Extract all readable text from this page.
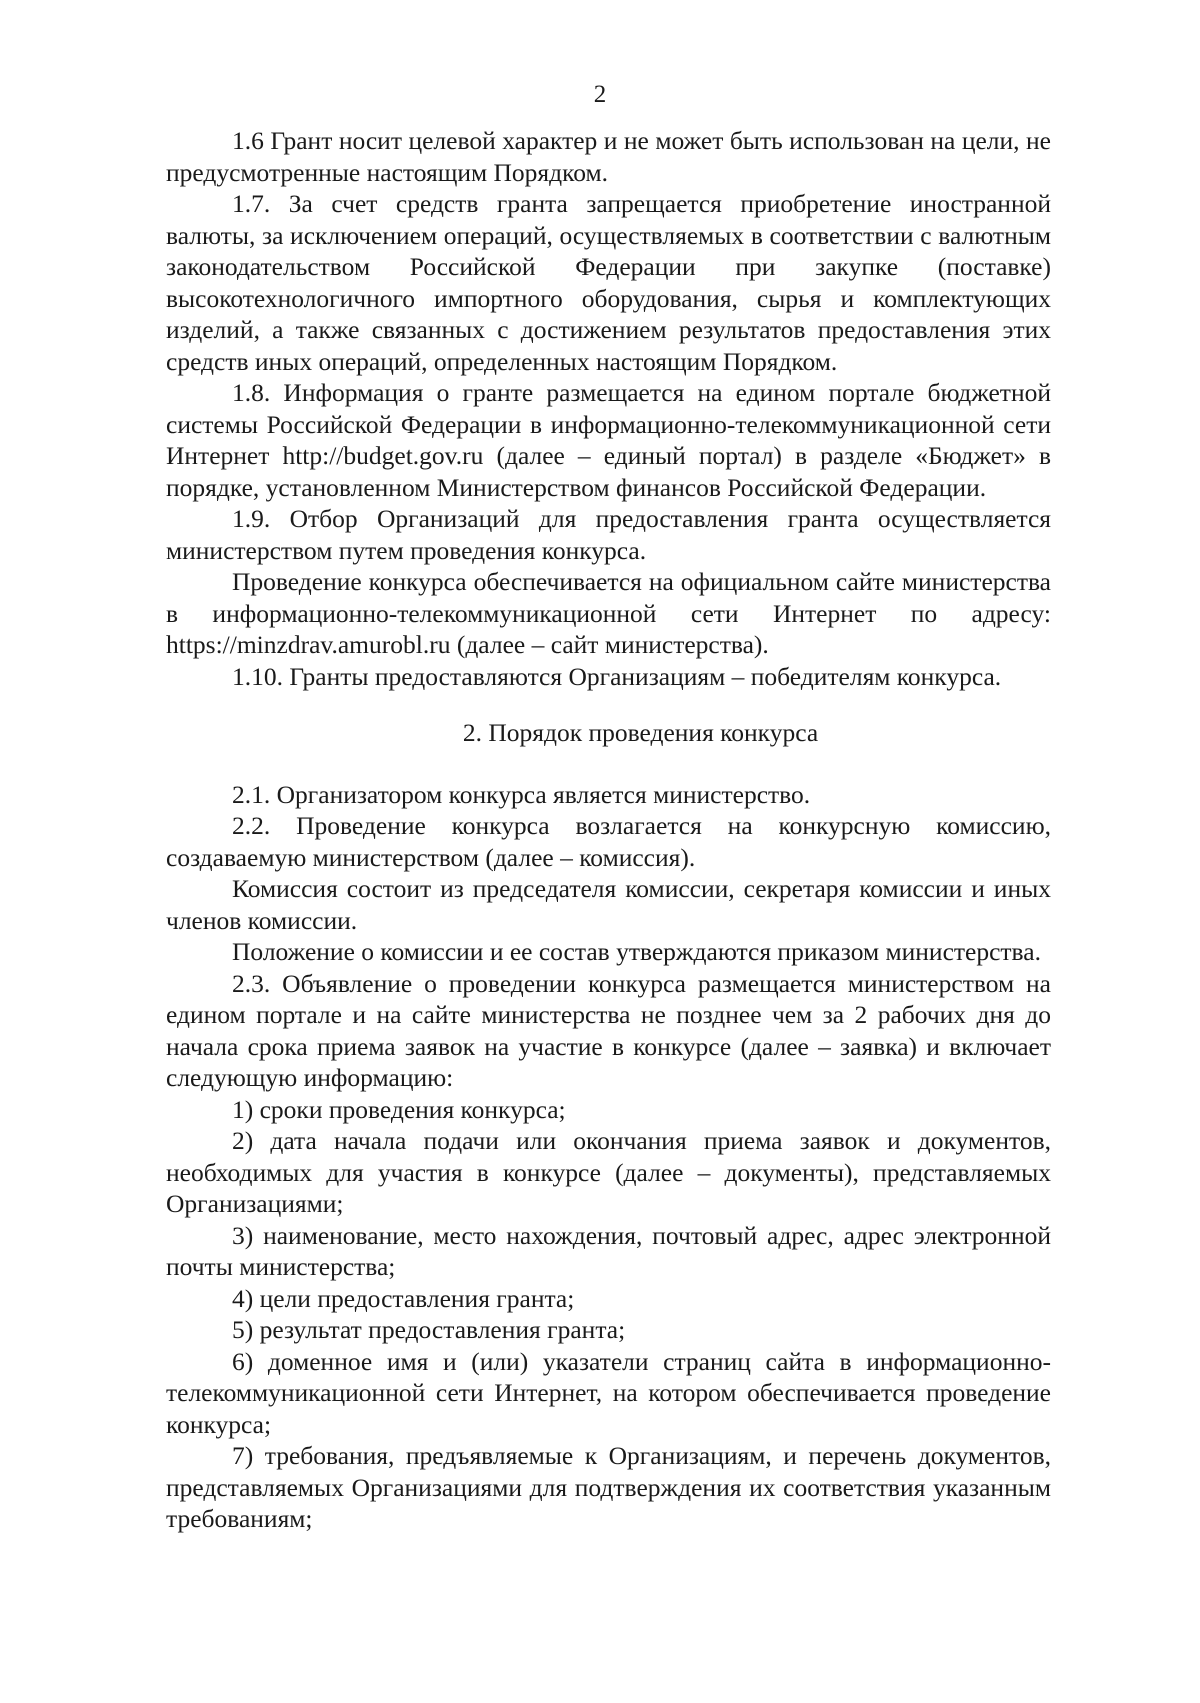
2

1.6 Грант носит целевой характер и не может быть использован на цели, не предусмотренные настоящим Порядком.

1.7. За счет средств гранта запрещается приобретение иностранной валюты, за исключением операций, осуществляемых в соответствии с валютным законодательством Российской Федерации при закупке (поставке) высокотехнологичного импортного оборудования, сырья и комплектующих изделий, а также связанных с достижением результатов предоставления этих средств иных операций, определенных настоящим Порядком.

1.8. Информация о гранте размещается на едином портале бюджетной системы Российской Федерации в информационно-телекоммуникационной сети Интернет http://budget.gov.ru (далее – единый портал) в разделе «Бюджет» в порядке, установленном Министерством финансов Российской Федерации.

1.9. Отбор Организаций для предоставления гранта осуществляется министерством путем проведения конкурса.

Проведение конкурса обеспечивается на официальном сайте министерства в информационно-телекоммуникационной сети Интернет по адресу: https://minzdrav.amurobl.ru (далее – сайт министерства).

1.10. Гранты предоставляются Организациям – победителям конкурса.

2. Порядок проведения конкурса

2.1. Организатором конкурса является министерство.

2.2. Проведение конкурса возлагается на конкурсную комиссию, создаваемую министерством (далее – комиссия).

Комиссия состоит из председателя комиссии, секретаря комиссии и иных членов комиссии.

Положение о комиссии и ее состав утверждаются приказом министерства.

2.3. Объявление о проведении конкурса размещается министерством на едином портале и на сайте министерства не позднее чем за 2 рабочих дня до начала срока приема заявок на участие в конкурсе (далее – заявка) и включает следующую информацию:

1) сроки проведения конкурса;

2) дата начала подачи или окончания приема заявок и документов, необходимых для участия в конкурсе (далее – документы), представляемых Организациями;

3) наименование, место нахождения, почтовый адрес, адрес электронной почты министерства;

4) цели предоставления гранта;

5) результат предоставления гранта;

6) доменное имя и (или) указатели страниц сайта в информационно-телекоммуникационной сети Интернет, на котором обеспечивается проведение конкурса;

7) требования, предъявляемые к Организациям, и перечень документов, представляемых Организациями для подтверждения их соответствия указанным требованиям;
